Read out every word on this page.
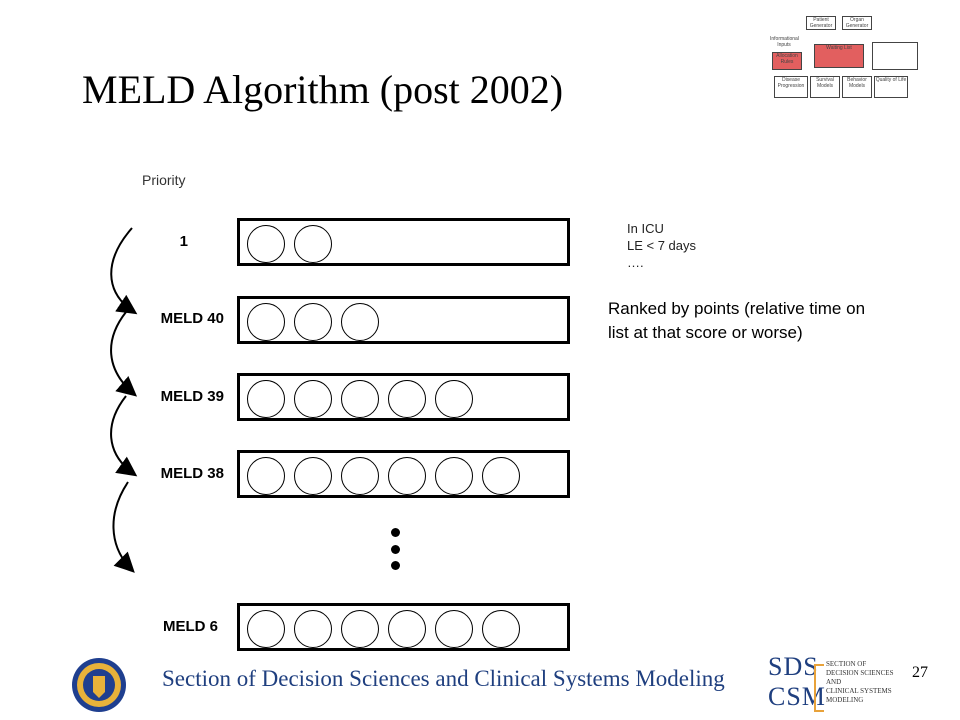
MELD Algorithm (post 2002)
Patient Generator
Organ Generator
Informational Inputs
Allocation Rules
Waiting List
Disease Progression
Survival Models
Behavior Models
Quality of Life
Priority
1
MELD 40
MELD 39
MELD 38
MELD 6
In ICU
LE < 7 days
….
Ranked by points (relative time on list at that score or worse)
Section of Decision Sciences and Clinical Systems Modeling SDS
CSM
SECTION OF
DECISION SCIENCES
AND
CLINICAL SYSTEMS
MODELING
27
